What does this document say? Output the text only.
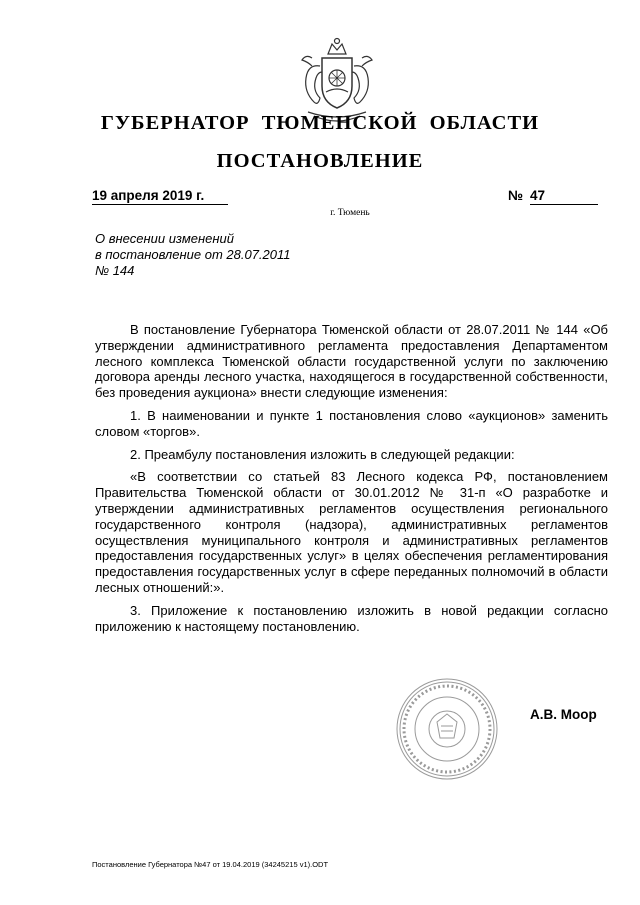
ГУБЕРНАТОР ТЮМЕНСКОЙ ОБЛАСТИ
ПОСТАНОВЛЕНИЕ
19 апреля 2019 г.	№ 47
г. Тюмень
О внесении изменений
в постановление от 28.07.2011
№ 144

В постановление Губернатора Тюменской области от 28.07.2011 № 144 «Об утверждении административного регламента предоставления Департаментом лесного комплекса Тюменской области государственной услуги по заключению договора аренды лесного участка, находящегося в государственной собственности, без проведения аукциона» внести следующие изменения:

1. В наименовании и пункте 1 постановления слово «аукционов» заменить словом «торгов».

2. Преамбулу постановления изложить в следующей редакции:

«В соответствии со статьей 83 Лесного кодекса РФ, постановлением Правительства Тюменской области от 30.01.2012 № 31-п «О разработке и утверждении административных регламентов осуществления регионального государственного контроля (надзора), административных регламентов осуществления муниципального контроля и административных регламентов предоставления государственных услуг» в целях обеспечения регламентирования предоставления государственных услуг в сфере переданных полномочий в области лесных отношений:».

3. Приложение к постановлению изложить в новой редакции согласно приложению к настоящему постановлению.

А.В. Моор
Постановление Губернатора №47 от 19.04.2019 (34245215 v1).ODT
